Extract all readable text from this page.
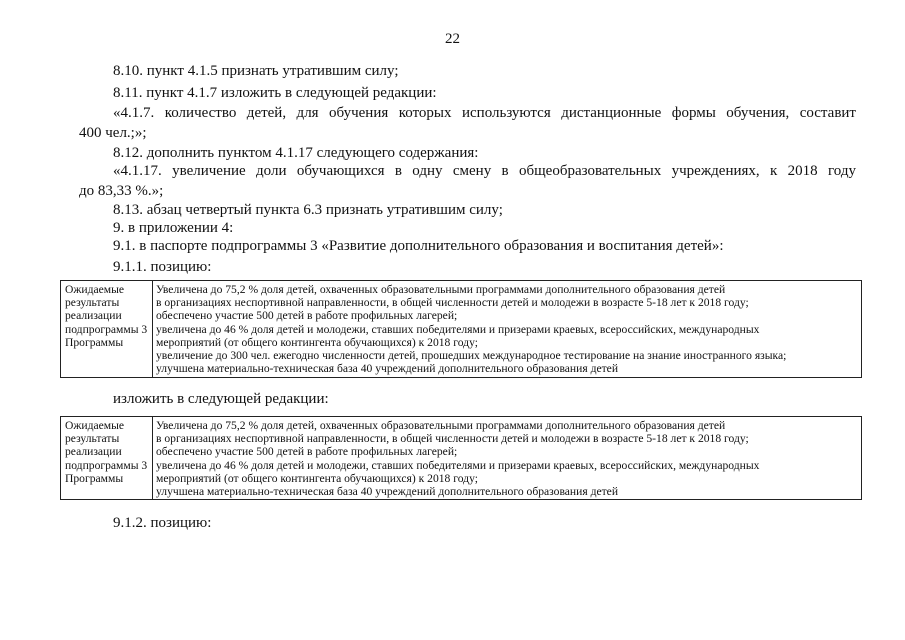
22
8.10. пункт 4.1.5 признать утратившим силу;
8.11. пункт 4.1.7 изложить в следующей редакции:
«4.1.7. количество детей, для обучения которых используются дистанционные формы обучения, составит
400 чел.;»;
8.12. дополнить пунктом 4.1.17 следующего содержания:
«4.1.17. увеличение доли обучающихся в одну смену в общеобразовательных учреждениях, к 2018 году
до 83,33 %.»;
8.13. абзац четвертый пункта 6.3 признать утратившим силу;
9. в приложении 4:
9.1. в паспорте подпрограммы 3 «Развитие дополнительного образования и воспитания детей»:
9.1.1. позицию:
Ожидаемые результаты реализации подпрограммы 3 Программы
Увеличена до 75,2 % доля детей, охваченных образовательными программами дополнительного образования детей
в организациях неспортивной направленности, в общей численности детей и молодежи в возрасте 5-18 лет к 2018 году;
обеспечено участие 500 детей в работе профильных лагерей;
увеличена до 46 % доля детей и молодежи, ставших победителями и призерами краевых, всероссийских, международных
мероприятий (от общего контингента обучающихся) к 2018 году;
увеличение до 300 чел. ежегодно численности детей, прошедших международное тестирование на знание иностранного языка;
улучшена материально-техническая база 40 учреждений дополнительного образования детей
изложить в следующей редакции:
Ожидаемые результаты реализации подпрограммы 3 Программы
Увеличена до 75,2 % доля детей, охваченных образовательными программами дополнительного образования детей
в организациях неспортивной направленности, в общей численности детей и молодежи в возрасте 5-18 лет к 2018 году;
обеспечено участие 500 детей в работе профильных лагерей;
увеличена до 46 % доля детей и молодежи, ставших победителями и призерами краевых, всероссийских, международных
мероприятий (от общего контингента обучающихся) к 2018 году;
улучшена материально-техническая база 40 учреждений дополнительного образования детей
9.1.2. позицию:
